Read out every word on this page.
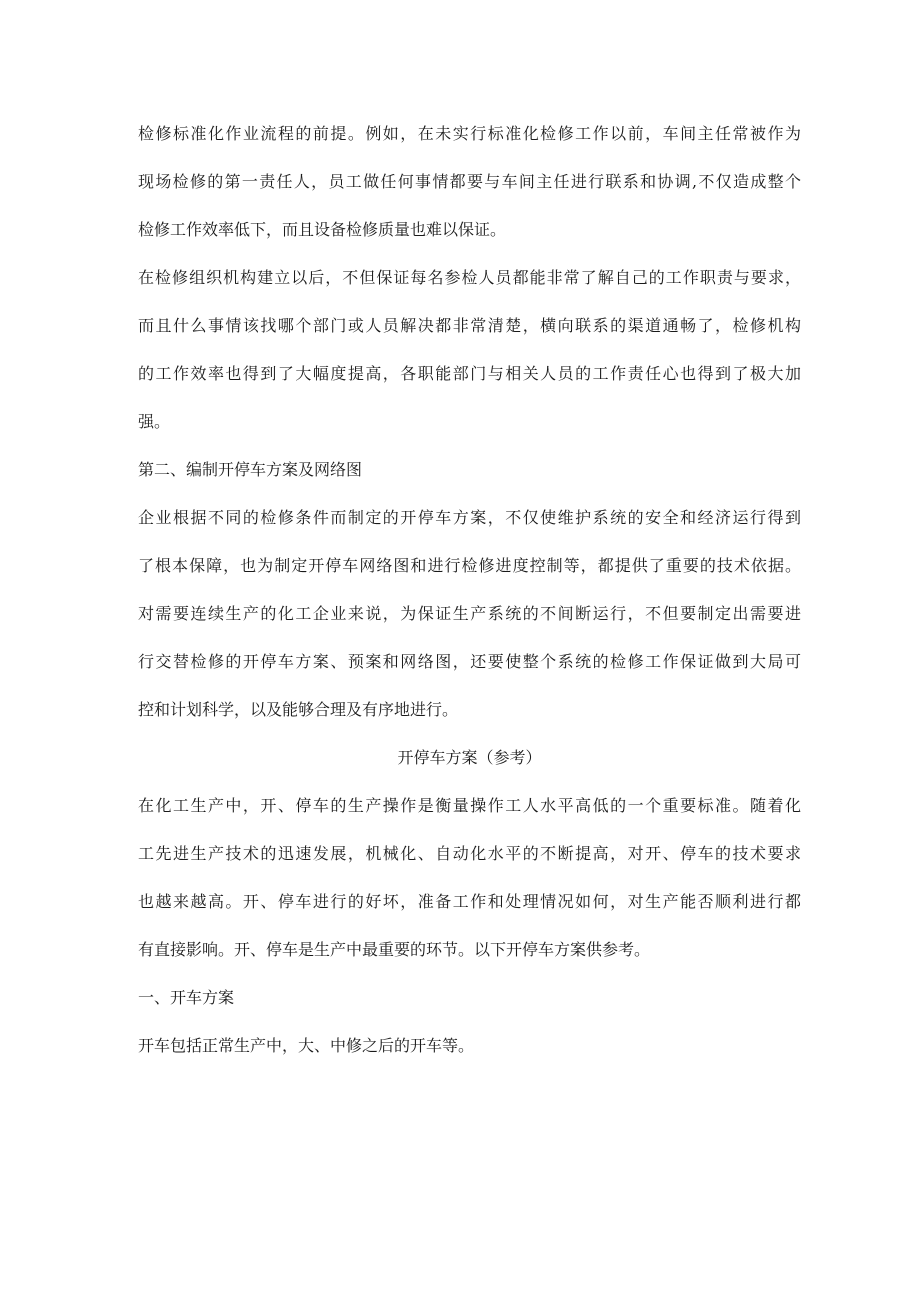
检修标准化作业流程的前提。例如，在未实行标准化检修工作以前，车间主任常被作为
现场检修的第一责任人，员工做任何事情都要与车间主任进行联系和协调,不仅造成整个
检修工作效率低下，而且设备检修质量也难以保证。
在检修组织机构建立以后，不但保证每名参检人员都能非常了解自己的工作职责与要求，
而且什么事情该找哪个部门或人员解决都非常清楚，横向联系的渠道通畅了，检修机构
的工作效率也得到了大幅度提高，各职能部门与相关人员的工作责任心也得到了极大加
强。
第二、编制开停车方案及网络图
企业根据不同的检修条件而制定的开停车方案，不仅使维护系统的安全和经济运行得到
了根本保障，也为制定开停车网络图和进行检修进度控制等，都提供了重要的技术依据。
对需要连续生产的化工企业来说，为保证生产系统的不间断运行，不但要制定出需要进
行交替检修的开停车方案、预案和网络图，还要使整个系统的检修工作保证做到大局可
控和计划科学，以及能够合理及有序地进行。
开停车方案（参考）
在化工生产中，开、停车的生产操作是衡量操作工人水平高低的一个重要标准。随着化
工先进生产技术的迅速发展，机械化、自动化水平的不断提高，对开、停车的技术要求
也越来越高。开、停车进行的好坏，准备工作和处理情况如何，对生产能否顺利进行都
有直接影响。开、停车是生产中最重要的环节。以下开停车方案供参考。
一、开车方案
开车包括正常生产中，大、中修之后的开车等。
